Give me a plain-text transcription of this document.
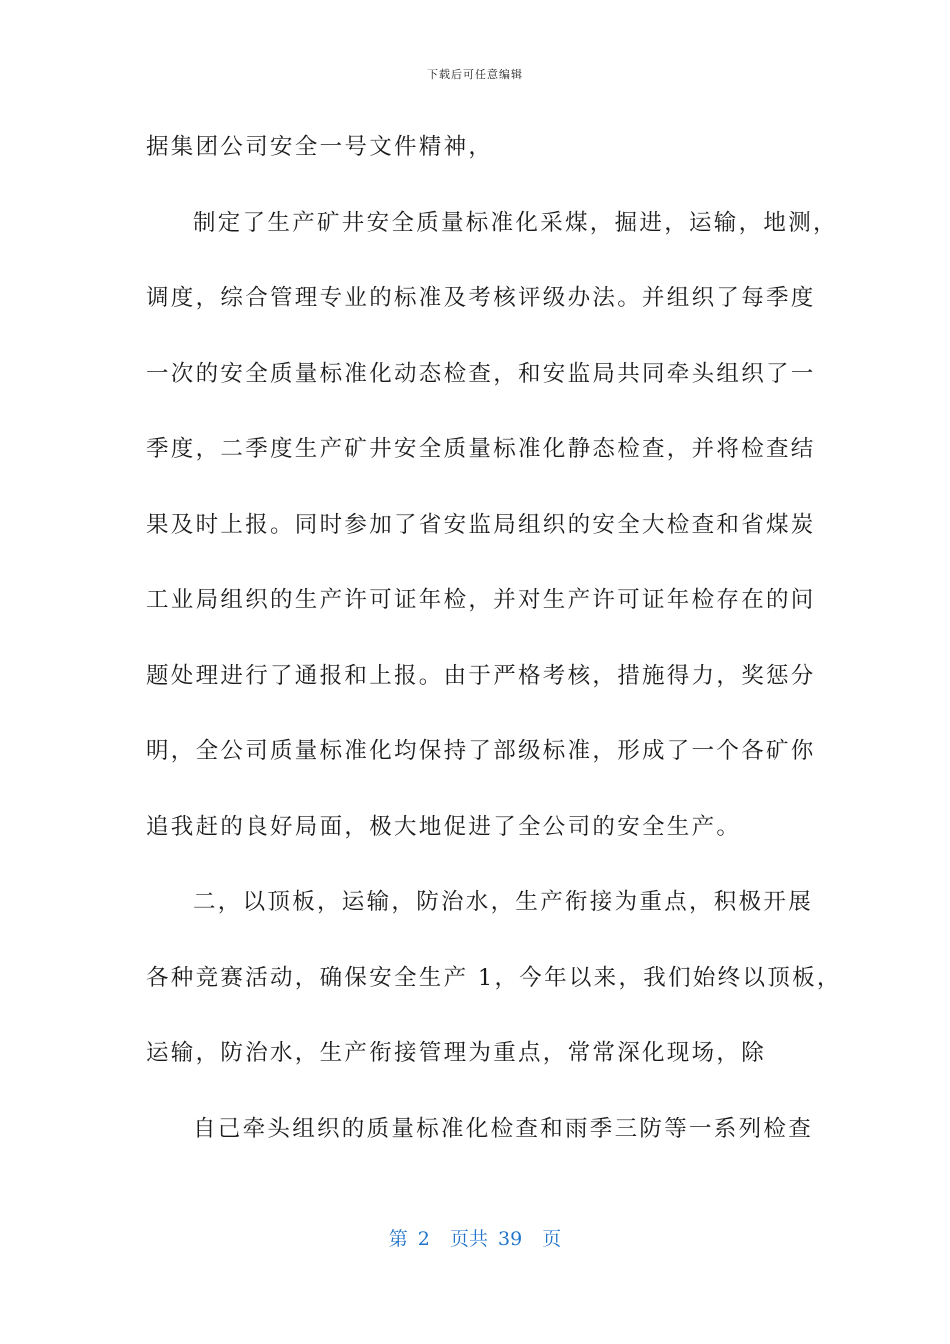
下载后可任意编辑
据集团公司安全一号文件精神，
制定了生产矿井安全质量标准化采煤，掘进，运输，地测，
调度，综合管理专业的标准及考核评级办法。并组织了每季度
一次的安全质量标准化动态检查，和安监局共同牵头组织了一
季度，二季度生产矿井安全质量标准化静态检查，并将检查结
果及时上报。同时参加了省安监局组织的安全大检查和省煤炭
工业局组织的生产许可证年检，并对生产许可证年检存在的问
题处理进行了通报和上报。由于严格考核，措施得力，奖惩分
明，全公司质量标准化均保持了部级标准，形成了一个各矿你
追我赶的良好局面，极大地促进了全公司的安全生产。
二，以顶板，运输，防治水，生产衔接为重点，积极开展
各种竞赛活动，确保安全生产 1，今年以来，我们始终以顶板，
运输，防治水，生产衔接管理为重点，常常深化现场，除
自己牵头组织的质量标准化检查和雨季三防等一系列检查
第 2  页共 39  页
